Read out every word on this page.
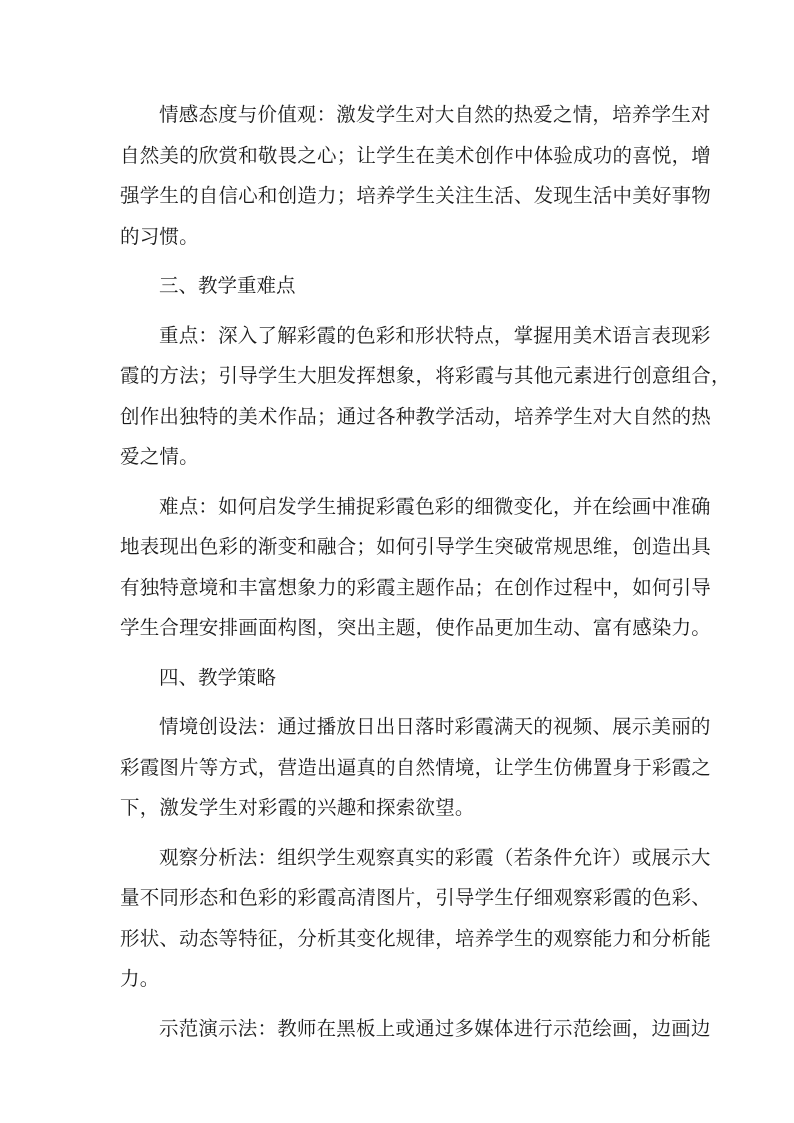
情感态度与价值观：激发学生对大自然的热爱之情，培养学生对
自然美的欣赏和敬畏之心；让学生在美术创作中体验成功的喜悦，增
强学生的自信心和创造力；培养学生关注生活、发现生活中美好事物
的习惯。

三、教学重难点

重点：深入了解彩霞的色彩和形状特点，掌握用美术语言表现彩
霞的方法；引导学生大胆发挥想象，将彩霞与其他元素进行创意组合，
创作出独特的美术作品；通过各种教学活动，培养学生对大自然的热
爱之情。

难点：如何启发学生捕捉彩霞色彩的细微变化，并在绘画中准确
地表现出色彩的渐变和融合；如何引导学生突破常规思维，创造出具
有独特意境和丰富想象力的彩霞主题作品；在创作过程中，如何引导
学生合理安排画面构图，突出主题，使作品更加生动、富有感染力。

四、教学策略

情境创设法：通过播放日出日落时彩霞满天的视频、展示美丽的
彩霞图片等方式，营造出逼真的自然情境，让学生仿佛置身于彩霞之
下，激发学生对彩霞的兴趣和探索欲望。

观察分析法：组织学生观察真实的彩霞（若条件允许）或展示大
量不同形态和色彩的彩霞高清图片，引导学生仔细观察彩霞的色彩、
形状、动态等特征，分析其变化规律，培养学生的观察能力和分析能
力。

示范演示法：教师在黑板上或通过多媒体进行示范绘画，边画边
